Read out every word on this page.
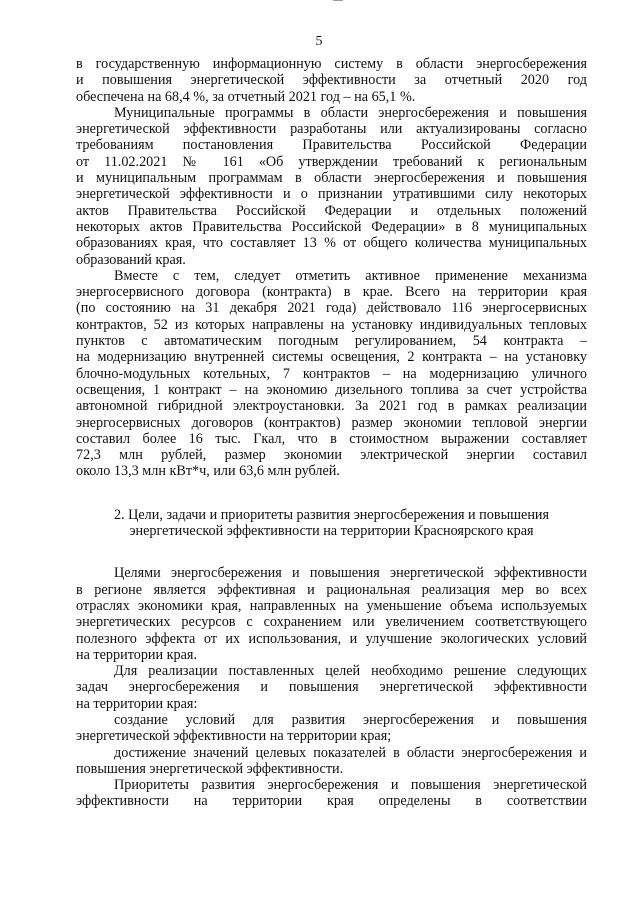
5
в государственную информационную систему в области энергосбережения
и повышения энергетической эффективности за отчетный 2020 год
обеспечена на 68,4 %, за отчетный 2021 год – на 65,1 %.
Муниципальные программы в области энергосбережения и повышения
энергетической эффективности разработаны или актуализированы согласно
требованиям постановления Правительства Российской Федерации
от 11.02.2021 № 161 «Об утверждении требований к региональным
и муниципальным программам в области энергосбережения и повышения
энергетической эффективности и о признании утратившими силу некоторых
актов Правительства Российской Федерации и отдельных положений
некоторых актов Правительства Российской Федерации» в 8 муниципальных
образованиях края, что составляет 13 % от общего количества муниципальных
образований края.
Вместе с тем, следует отметить активное применение механизма
энергосервисного договора (контракта) в крае. Всего на территории края
(по состоянию на 31 декабря 2021 года) действовало 116 энергосервисных
контрактов, 52 из которых направлены на установку индивидуальных тепловых
пунктов с автоматическим погодным регулированием, 54 контракта –
на модернизацию внутренней системы освещения, 2 контракта – на установку
блочно-модульных котельных, 7 контрактов – на модернизацию уличного
освещения, 1 контракт – на экономию дизельного топлива за счет устройства
автономной гибридной электроустановки. За 2021 год в рамках реализации
энергосервисных договоров (контрактов) размер экономии тепловой энергии
составил более 16 тыс. Гкал, что в стоимостном выражении составляет
72,3 млн рублей, размер экономии электрической энергии составил
около 13,3 млн кВт*ч, или 63,6 млн рублей.
2. Цели, задачи и приоритеты развития энергосбережения и повышения
энергетической эффективности на территории Красноярского края
Целями энергосбережения и повышения энергетической эффективности
в регионе является эффективная и рациональная реализация мер во всех
отраслях экономики края, направленных на уменьшение объема используемых
энергетических ресурсов с сохранением или увеличением соответствующего
полезного эффекта от их использования, и улучшение экологических условий
на территории края.
Для реализации поставленных целей необходимо решение следующих
задач энергосбережения и повышения энергетической эффективности
на территории края:
создание условий для развития энергосбережения и повышения
энергетической эффективности на территории края;
достижение значений целевых показателей в области энергосбережения и
повышения энергетической эффективности.
Приоритеты развития энергосбережения и повышения энергетической
эффективности на территории края определены в соответствии
